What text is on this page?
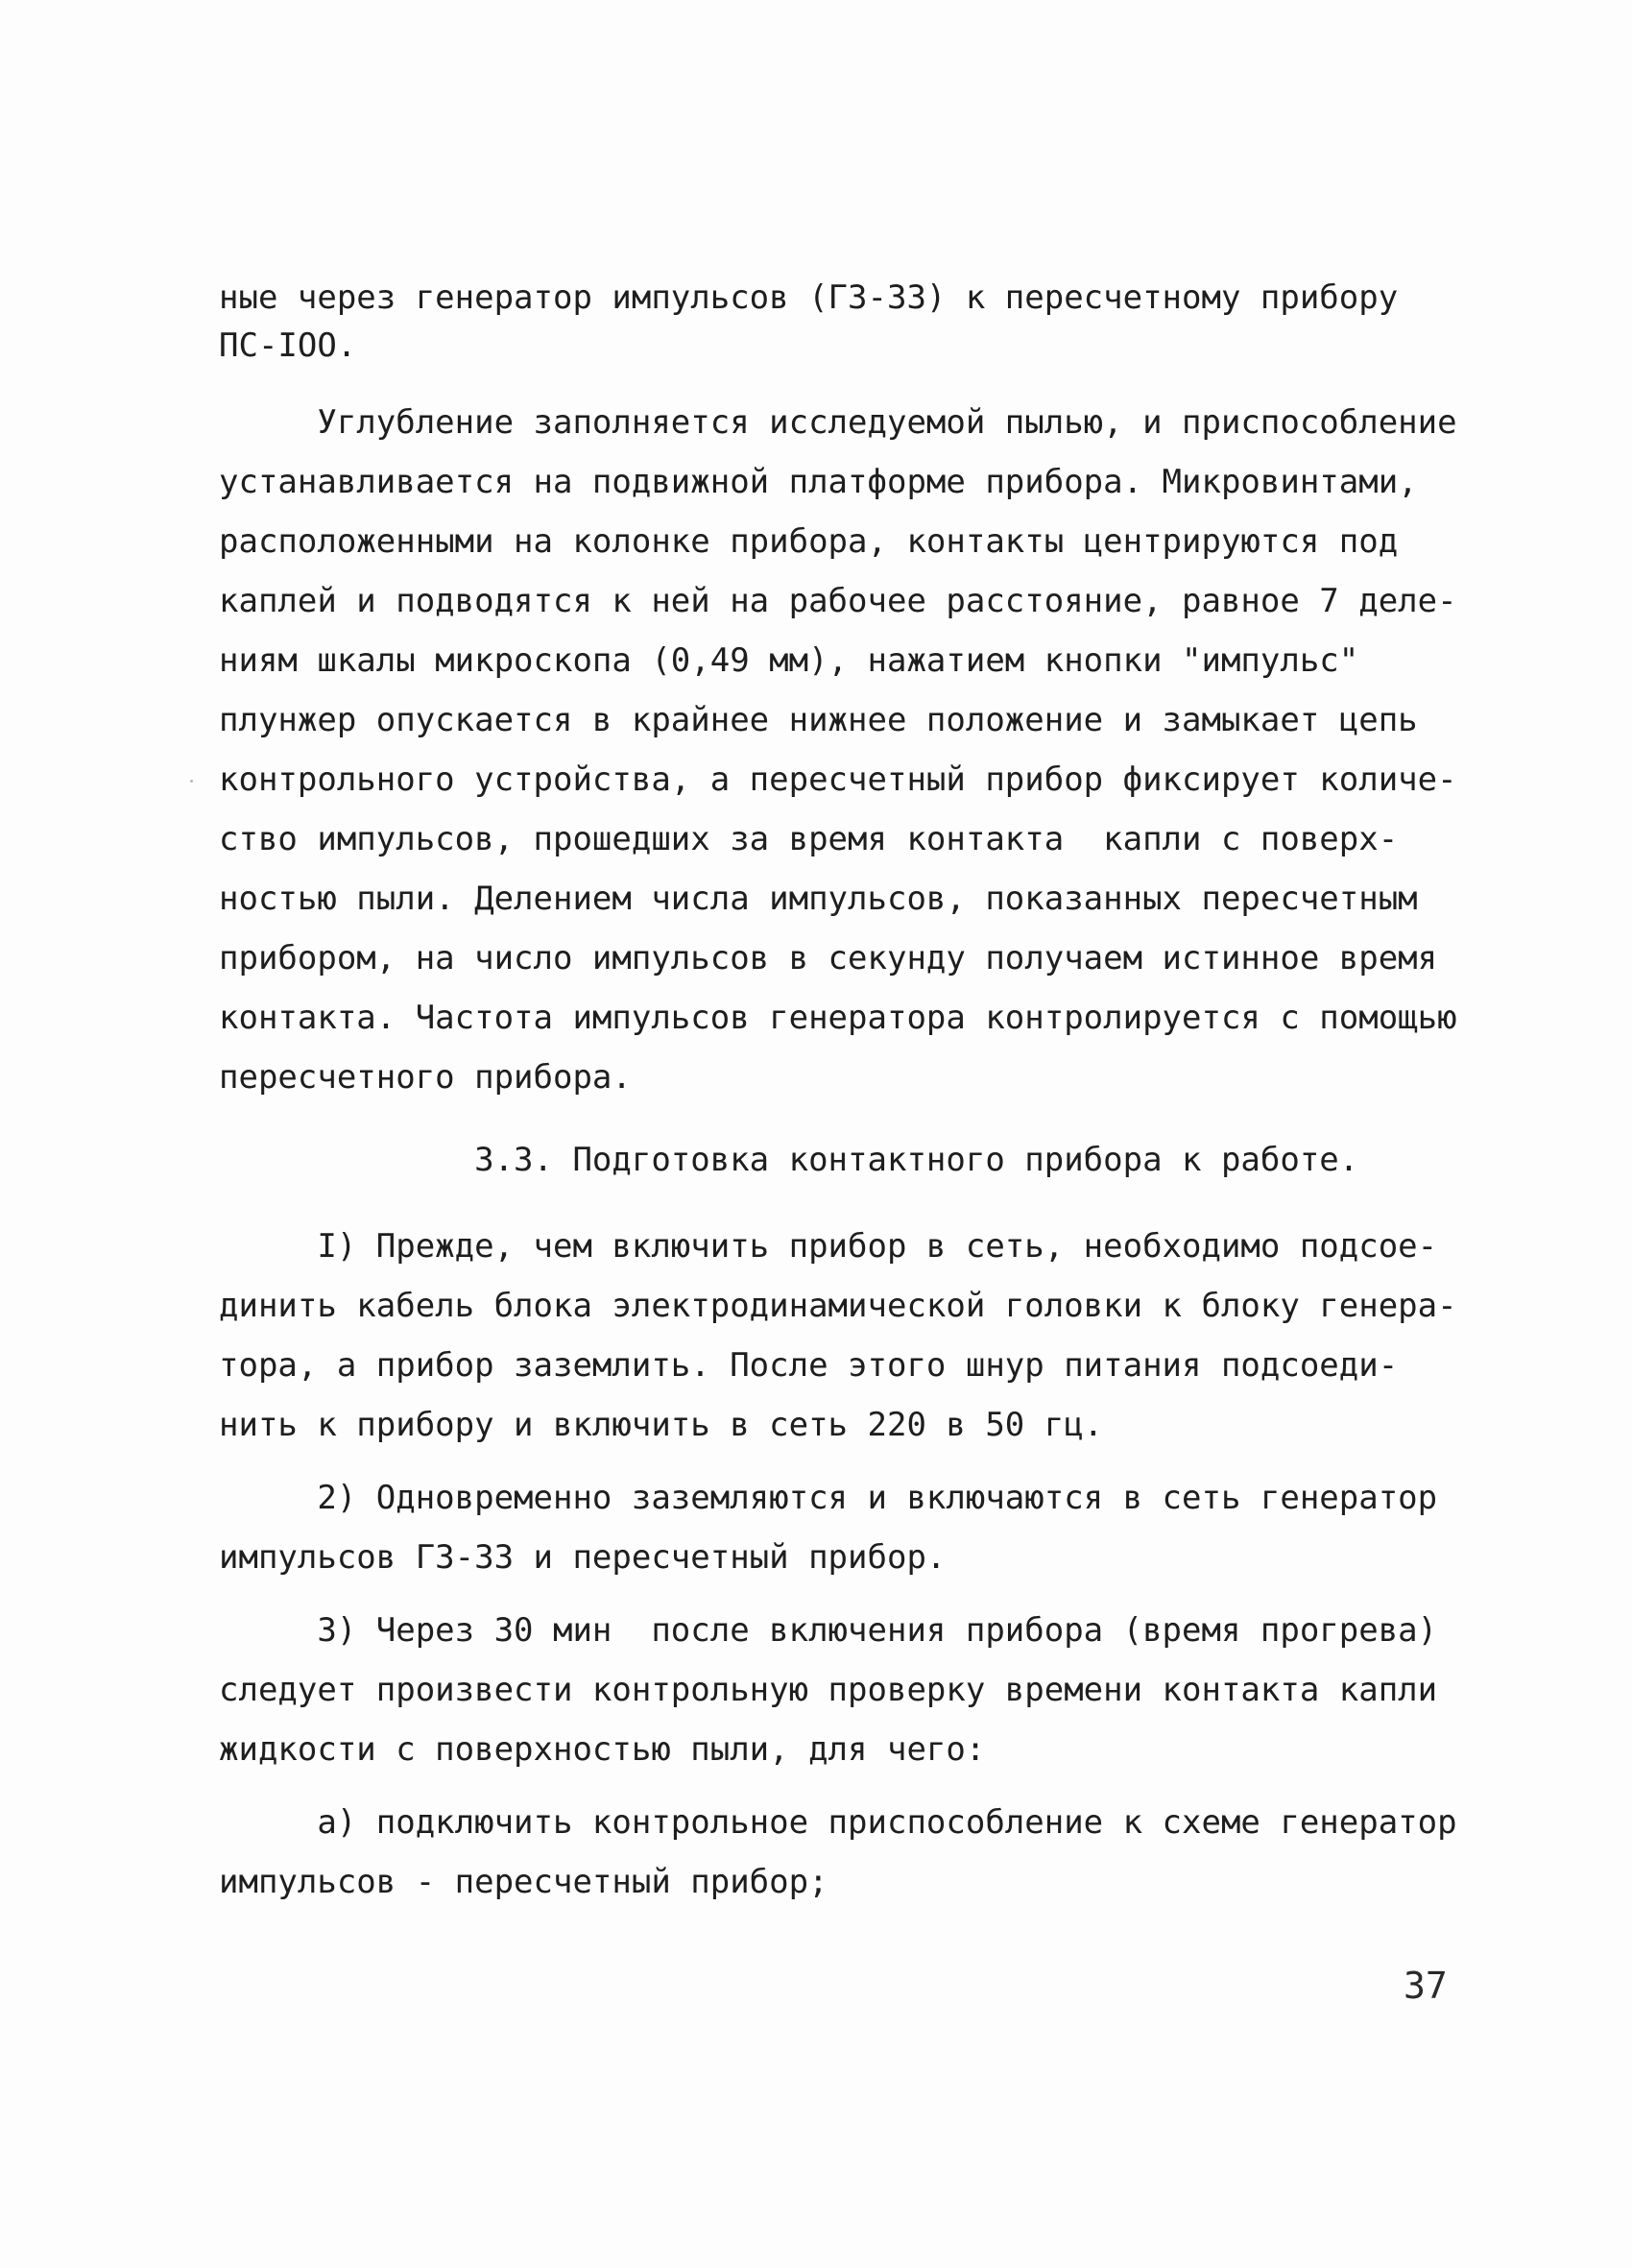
ные через генератор импульсов (ГЗ-33) к пересчетному прибору
ПС-IOO.
Углубление заполняется исследуемой пылью, и приспособление
устанавливается на подвижной платформе прибора. Микровинтами,
расположенными на колонке прибора, контакты центрируются под
каплей и подводятся к ней на рабочее расстояние, равное 7 деле-
ниям шкалы микроскопа (0,49 мм), нажатием кнопки "импульс"
плунжер опускается в крайнее нижнее положение и замыкает цепь
контрольного устройства, а пересчетный прибор фиксирует количе-
ство импульсов, прошедших за время контакта  капли с поверх-
ностью пыли. Делением числа импульсов, показанных пересчетным
прибором, на число импульсов в секунду получаем истинное время
контакта. Частота импульсов генератора контролируется с помощью
пересчетного прибора.
3.3. Подготовка контактного прибора к работе.
I) Прежде, чем включить прибор в сеть, необходимо подсое-
динить кабель блока электродинамической головки к блоку генера-
тора, а прибор заземлить. После этого шнур питания подсоеди-
нить к прибору и включить в сеть 220 в 50 гц.
2) Одновременно заземляются и включаются в сеть генератор
импульсов ГЗ-33 и пересчетный прибор.
3) Через 30 мин  после включения прибора (время прогрева)
следует произвести контрольную проверку времени контакта капли
жидкости с поверхностью пыли, для чего:
а) подключить контрольное приспособление к схеме генератор
импульсов - пересчетный прибор;
37
